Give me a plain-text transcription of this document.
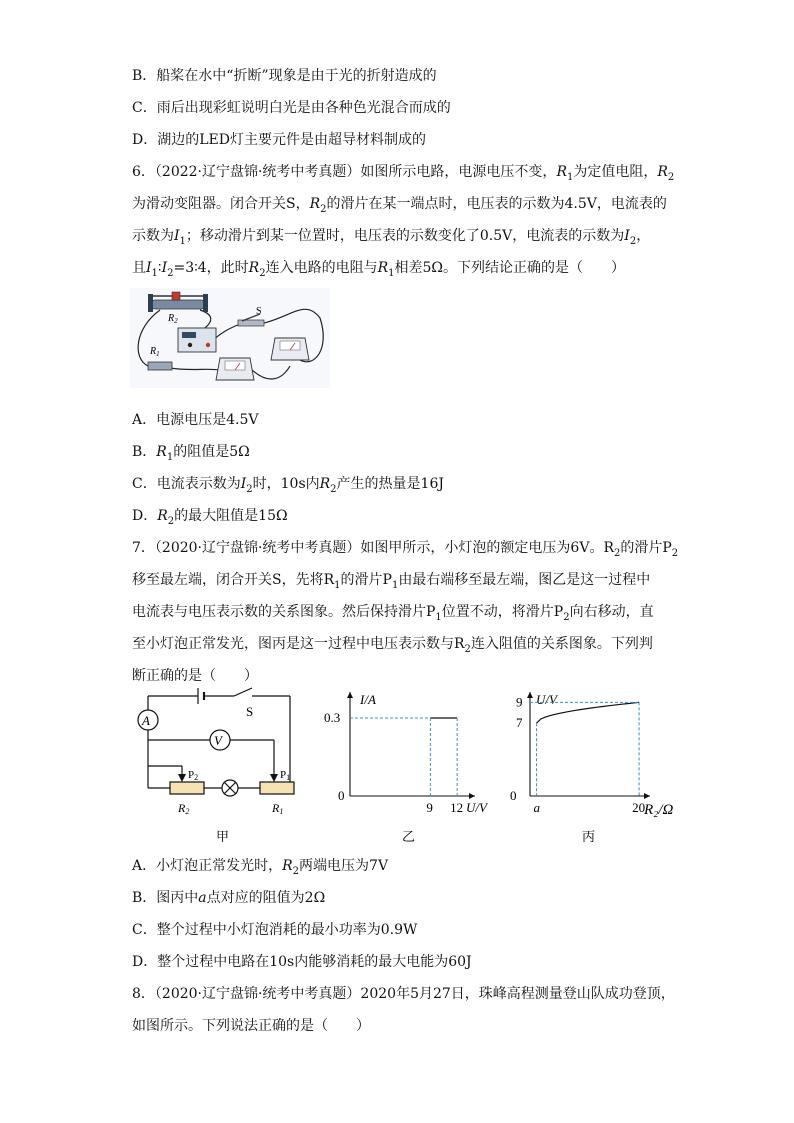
B．船桨在水中“折断”现象是由于光的折射造成的
C．雨后出现彩虹说明白光是由各种色光混合而成的
D．湖边的LED灯主要元件是由超导材料制成的
6．（2022·辽宁盘锦·统考中考真题）如图所示电路，电源电压不变，$R_1$为定值电阻，$R_2$
为滑动变阻器。闭合开关S，$R_2$的滑片在某一端点时，电压表的示数为4.5V，电流表的
示数为$I_1$；移动滑片到某一位置时，电压表的示数变化了0.5V，电流表的示数为$I_2$，
且$I_1∶I_2=3∶4$，此时$R_2$连入电路的电阻与$R_1$相差5Ω。下列结论正确的是（　　）
$R_2$
S
$R_1$
A．电源电压是4.5V
B．$R_1$的阻值是5Ω
C．电流表示数为$I_2$时，10s内$R_2$产生的热量是16J
D．$R_2$的最大阻值是15Ω
7．（2020·辽宁盘锦·统考中考真题）如图甲所示，小灯泡的额定电压为6V。$R_2$的滑片$P_2$
移至最左端，闭合开关S，先将$R_1$的滑片$P_1$由最右端移至最左端，图乙是这一过程中
电流表与电压表示数的关系图象。然后保持滑片$P_1$位置不动，将滑片$P_2$向右移动，直
至小灯泡正常发光，图丙是这一过程中电压表示数与$R_2$连入阻值的关系图象。下列判
断正确的是（　　）
A
V
S
P2	P1
R2	R1
甲
I/A
U/V
0
9 12
0.3
乙
U/V
R₂/Ω
0
9
7
a	20
丙
A．小灯泡正常发光时，$R_2$两端电压为7V
B．图丙中a点对应的阻值为2Ω
C．整个过程中小灯泡消耗的最小功率为0.9W
D．整个过程中电路在10s内能够消耗的最大电能为60J
8．（2020·辽宁盘锦·统考中考真题）2020年5月27日，珠峰高程测量登山队成功登顶，
如图所示。下列说法正确的是（　　）
